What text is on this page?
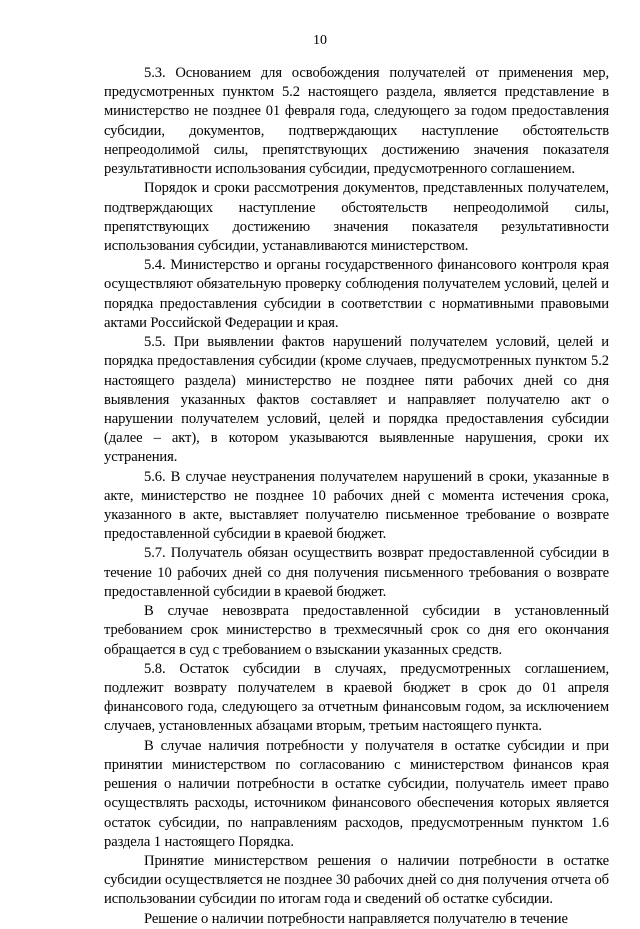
10

5.3. Основанием для освобождения получателей от применения мер, предусмотренных пунктом 5.2 настоящего раздела, является представление в министерство не позднее 01 февраля года, следующего за годом предоставления субсидии, документов, подтверждающих наступление обстоятельств непреодолимой силы, препятствующих достижению значения показателя результативности использования субсидии, предусмотренного соглашением.

Порядок и сроки рассмотрения документов, представленных получателем, подтверждающих наступление обстоятельств непреодолимой силы, препятствующих достижению значения показателя результативности использования субсидии, устанавливаются министерством.

5.4. Министерство и органы государственного финансового контроля края осуществляют обязательную проверку соблюдения получателем условий, целей и порядка предоставления субсидии в соответствии с нормативными правовыми актами Российской Федерации и края.

5.5. При выявлении фактов нарушений получателем условий, целей и порядка предоставления субсидии (кроме случаев, предусмотренных пунктом 5.2 настоящего раздела) министерство не позднее пяти рабочих дней со дня выявления указанных фактов составляет и направляет получателю акт о нарушении получателем условий, целей и порядка предоставления субсидии (далее – акт), в котором указываются выявленные нарушения, сроки их устранения.

5.6. В случае неустранения получателем нарушений в сроки, указанные в акте, министерство не позднее 10 рабочих дней с момента истечения срока, указанного в акте, выставляет получателю письменное требование о возврате предоставленной субсидии в краевой бюджет.

5.7. Получатель обязан осуществить возврат предоставленной субсидии в течение 10 рабочих дней со дня получения письменного требования о возврате предоставленной субсидии в краевой бюджет.

В случае невозврата предоставленной субсидии в установленный требованием срок министерство в трехмесячный срок со дня его окончания обращается в суд с требованием о взыскании указанных средств.

5.8. Остаток субсидии в случаях, предусмотренных соглашением, подлежит возврату получателем в краевой бюджет в срок до 01 апреля финансового года, следующего за отчетным финансовым годом, за исключением случаев, установленных абзацами вторым, третьим настоящего пункта.

В случае наличия потребности у получателя в остатке субсидии и при принятии министерством по согласованию с министерством финансов края решения о наличии потребности в остатке субсидии, получатель имеет право осуществлять расходы, источником финансового обеспечения которых является остаток субсидии, по направлениям расходов, предусмотренным пунктом 1.6 раздела 1 настоящего Порядка.

Принятие министерством решения о наличии потребности в остатке субсидии осуществляется не позднее 30 рабочих дней со дня получения отчета об использовании субсидии по итогам года и сведений об остатке субсидии.

Решение о наличии потребности направляется получателю в течение
